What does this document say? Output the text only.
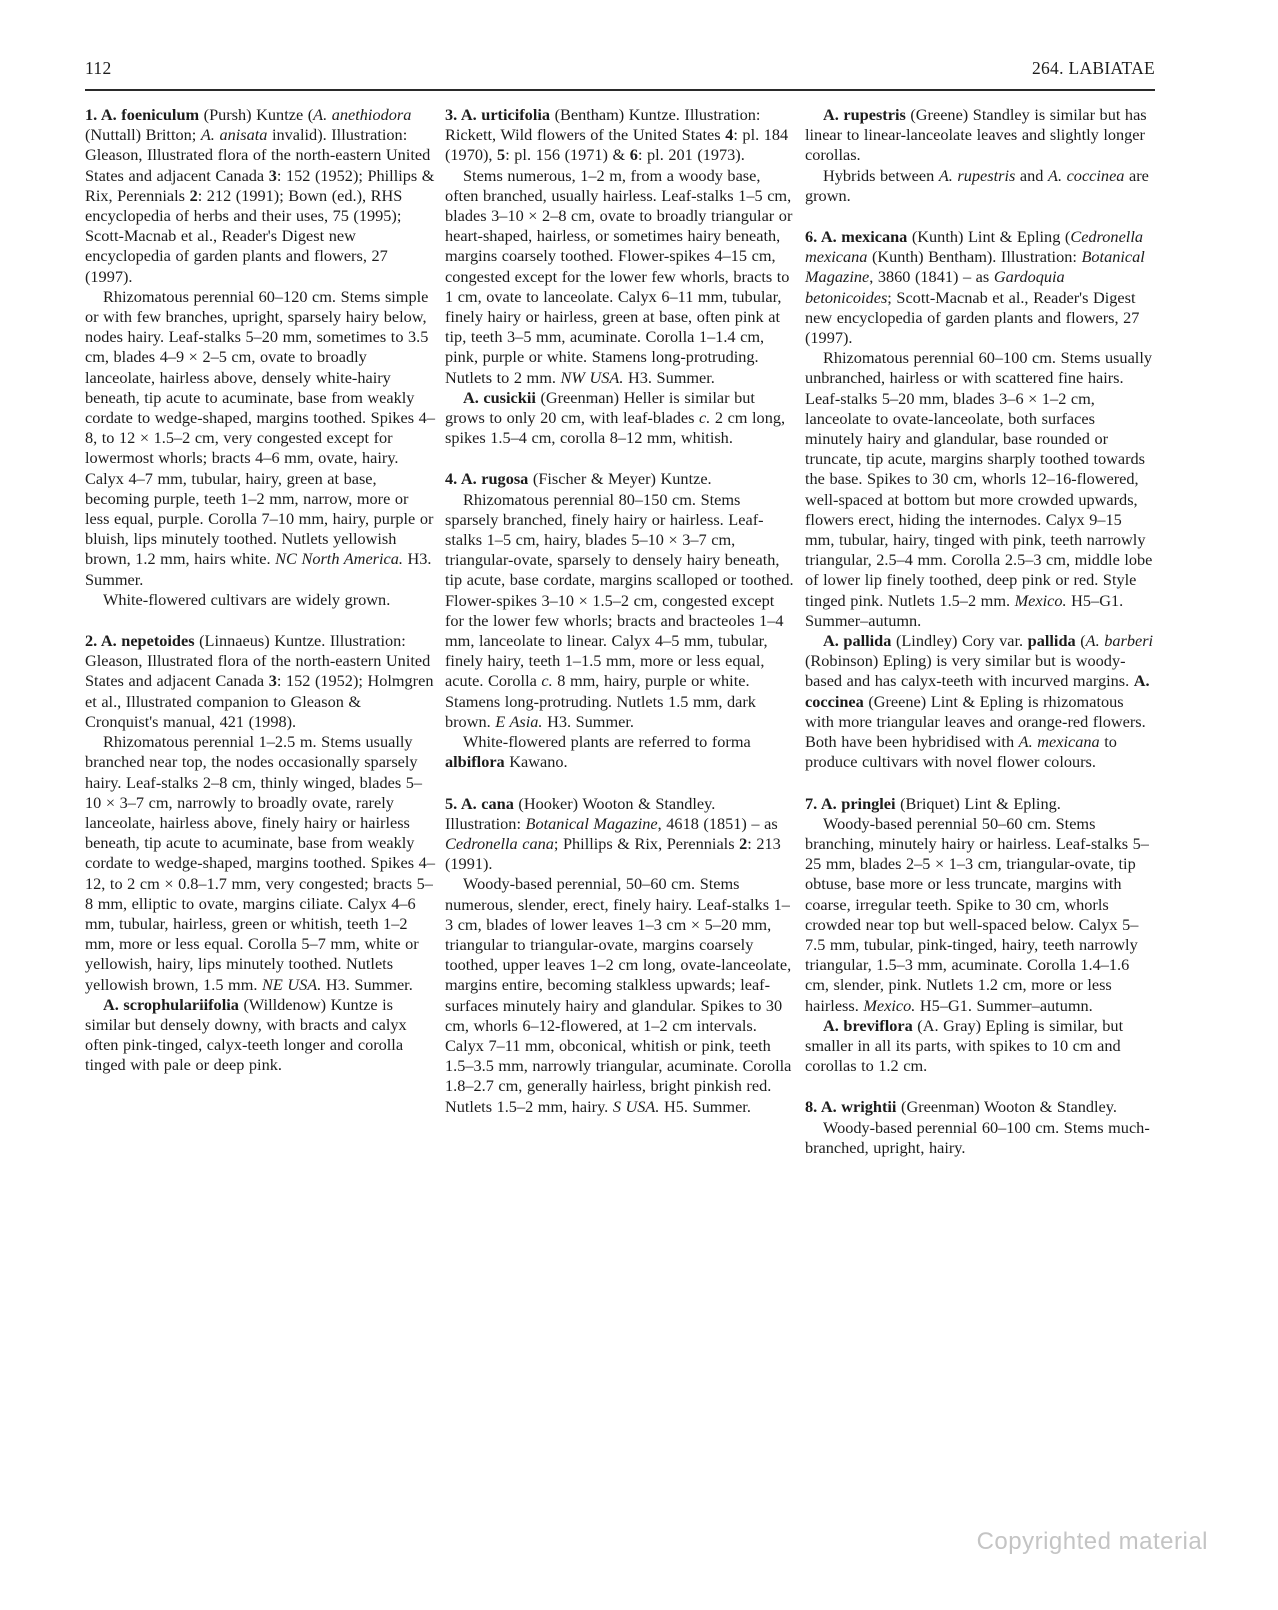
112	264. LABIATAE

1. A. foeniculum (Pursh) Kuntze (A. anethiodora (Nuttall) Britton; A. anisata invalid). Illustration: Gleason, Illustrated flora of the north-eastern United States and adjacent Canada 3: 152 (1952); Phillips & Rix, Perennials 2: 212 (1991); Bown (ed.), RHS encyclopedia of herbs and their uses, 75 (1995); Scott-Macnab et al., Reader's Digest new encyclopedia of garden plants and flowers, 27 (1997).

Rhizomatous perennial 60–120 cm. Stems simple or with few branches, upright, sparsely hairy below, nodes hairy. Leaf-stalks 5–20 mm, sometimes to 3.5 cm, blades 4–9 × 2–5 cm, ovate to broadly lanceolate, hairless above, densely white-hairy beneath, tip acute to acuminate, base from weakly cordate to wedge-shaped, margins toothed. Spikes 4–8, to 12 × 1.5–2 cm, very congested except for lowermost whorls; bracts 4–6 mm, ovate, hairy. Calyx 4–7 mm, tubular, hairy, green at base, becoming purple, teeth 1–2 mm, narrow, more or less equal, purple. Corolla 7–10 mm, hairy, purple or bluish, lips minutely toothed. Nutlets yellowish brown, 1.2 mm, hairs white. NC North America. H3. Summer.

White-flowered cultivars are widely grown.

2. A. nepetoides (Linnaeus) Kuntze. Illustration: Gleason, Illustrated flora of the north-eastern United States and adjacent Canada 3: 152 (1952); Holmgren et al., Illustrated companion to Gleason & Cronquist's manual, 421 (1998).

Rhizomatous perennial 1–2.5 m. Stems usually branched near top, the nodes occasionally sparsely hairy. Leaf-stalks 2–8 cm, thinly winged, blades 5–10 × 3–7 cm, narrowly to broadly ovate, rarely lanceolate, hairless above, finely hairy or hairless beneath, tip acute to acuminate, base from weakly cordate to wedge-shaped, margins toothed. Spikes 4–12, to 2 cm × 0.8–1.7 mm, very congested; bracts 5–8 mm, elliptic to ovate, margins ciliate. Calyx 4–6 mm, tubular, hairless, green or whitish, teeth 1–2 mm, more or less equal. Corolla 5–7 mm, white or yellowish, hairy, lips minutely toothed. Nutlets yellowish brown, 1.5 mm. NE USA. H3. Summer.

A. scrophulariifolia (Willdenow) Kuntze is similar but densely downy, with bracts and calyx often pink-tinged, calyx-teeth longer and corolla tinged with pale or deep pink.

3. A. urticifolia (Bentham) Kuntze. Illustration: Rickett, Wild flowers of the United States 4: pl. 184 (1970), 5: pl. 156 (1971) & 6: pl. 201 (1973).

Stems numerous, 1–2 m, from a woody base, often branched, usually hairless. Leaf-stalks 1–5 cm, blades 3–10 × 2–8 cm, ovate to broadly triangular or heart-shaped, hairless, or sometimes hairy beneath, margins coarsely toothed. Flower-spikes 4–15 cm, congested except for the lower few whorls, bracts to 1 cm, ovate to lanceolate. Calyx 6–11 mm, tubular, finely hairy or hairless, green at base, often pink at tip, teeth 3–5 mm, acuminate. Corolla 1–1.4 cm, pink, purple or white. Stamens long-protruding. Nutlets to 2 mm. NW USA. H3. Summer.

A. cusickii (Greenman) Heller is similar but grows to only 20 cm, with leaf-blades c. 2 cm long, spikes 1.5–4 cm, corolla 8–12 mm, whitish.

4. A. rugosa (Fischer & Meyer) Kuntze.

Rhizomatous perennial 80–150 cm. Stems sparsely branched, finely hairy or hairless. Leaf-stalks 1–5 cm, hairy, blades 5–10 × 3–7 cm, triangular-ovate, sparsely to densely hairy beneath, tip acute, base cordate, margins scalloped or toothed. Flower-spikes 3–10 × 1.5–2 cm, congested except for the lower few whorls; bracts and bracteoles 1–4 mm, lanceolate to linear. Calyx 4–5 mm, tubular, finely hairy, teeth 1–1.5 mm, more or less equal, acute. Corolla c. 8 mm, hairy, purple or white. Stamens long-protruding. Nutlets 1.5 mm, dark brown. E Asia. H3. Summer.

White-flowered plants are referred to forma albiflora Kawano.

5. A. cana (Hooker) Wooton & Standley. Illustration: Botanical Magazine, 4618 (1851) – as Cedronella cana; Phillips & Rix, Perennials 2: 213 (1991).

Woody-based perennial, 50–60 cm. Stems numerous, slender, erect, finely hairy. Leaf-stalks 1–3 cm, blades of lower leaves 1–3 cm × 5–20 mm, triangular to triangular-ovate, margins coarsely toothed, upper leaves 1–2 cm long, ovate-lanceolate, margins entire, becoming stalkless upwards; leaf-surfaces minutely hairy and glandular. Spikes to 30 cm, whorls 6–12-flowered, at 1–2 cm intervals. Calyx 7–11 mm, obconical, whitish or pink, teeth 1.5–3.5 mm, narrowly triangular, acuminate. Corolla 1.8–2.7 cm, generally hairless, bright pinkish red. Nutlets 1.5–2 mm, hairy. S USA. H5. Summer.

A. rupestris (Greene) Standley is similar but has linear to linear-lanceolate leaves and slightly longer corollas.

Hybrids between A. rupestris and A. coccinea are grown.

6. A. mexicana (Kunth) Lint & Epling (Cedronella mexicana (Kunth) Bentham). Illustration: Botanical Magazine, 3860 (1841) – as Gardoquia betonicoides; Scott-Macnab et al., Reader's Digest new encyclopedia of garden plants and flowers, 27 (1997).

Rhizomatous perennial 60–100 cm. Stems usually unbranched, hairless or with scattered fine hairs. Leaf-stalks 5–20 mm, blades 3–6 × 1–2 cm, lanceolate to ovate-lanceolate, both surfaces minutely hairy and glandular, base rounded or truncate, tip acute, margins sharply toothed towards the base. Spikes to 30 cm, whorls 12–16-flowered, well-spaced at bottom but more crowded upwards, flowers erect, hiding the internodes. Calyx 9–15 mm, tubular, hairy, tinged with pink, teeth narrowly triangular, 2.5–4 mm. Corolla 2.5–3 cm, middle lobe of lower lip finely toothed, deep pink or red. Style tinged pink. Nutlets 1.5–2 mm. Mexico. H5–G1. Summer–autumn.

A. pallida (Lindley) Cory var. pallida (A. barberi (Robinson) Epling) is very similar but is woody-based and has calyx-teeth with incurved margins. A. coccinea (Greene) Lint & Epling is rhizomatous with more triangular leaves and orange-red flowers. Both have been hybridised with A. mexicana to produce cultivars with novel flower colours.

7. A. pringlei (Briquet) Lint & Epling.

Woody-based perennial 50–60 cm. Stems branching, minutely hairy or hairless. Leaf-stalks 5–25 mm, blades 2–5 × 1–3 cm, triangular-ovate, tip obtuse, base more or less truncate, margins with coarse, irregular teeth. Spike to 30 cm, whorls crowded near top but well-spaced below. Calyx 5–7.5 mm, tubular, pink-tinged, hairy, teeth narrowly triangular, 1.5–3 mm, acuminate. Corolla 1.4–1.6 cm, slender, pink. Nutlets 1.2 cm, more or less hairless. Mexico. H5–G1. Summer–autumn.

A. breviflora (A. Gray) Epling is similar, but smaller in all its parts, with spikes to 10 cm and corollas to 1.2 cm.

8. A. wrightii (Greenman) Wooton & Standley.

Woody-based perennial 60–100 cm. Stems much-branched, upright, hairy.

Copyrighted material
